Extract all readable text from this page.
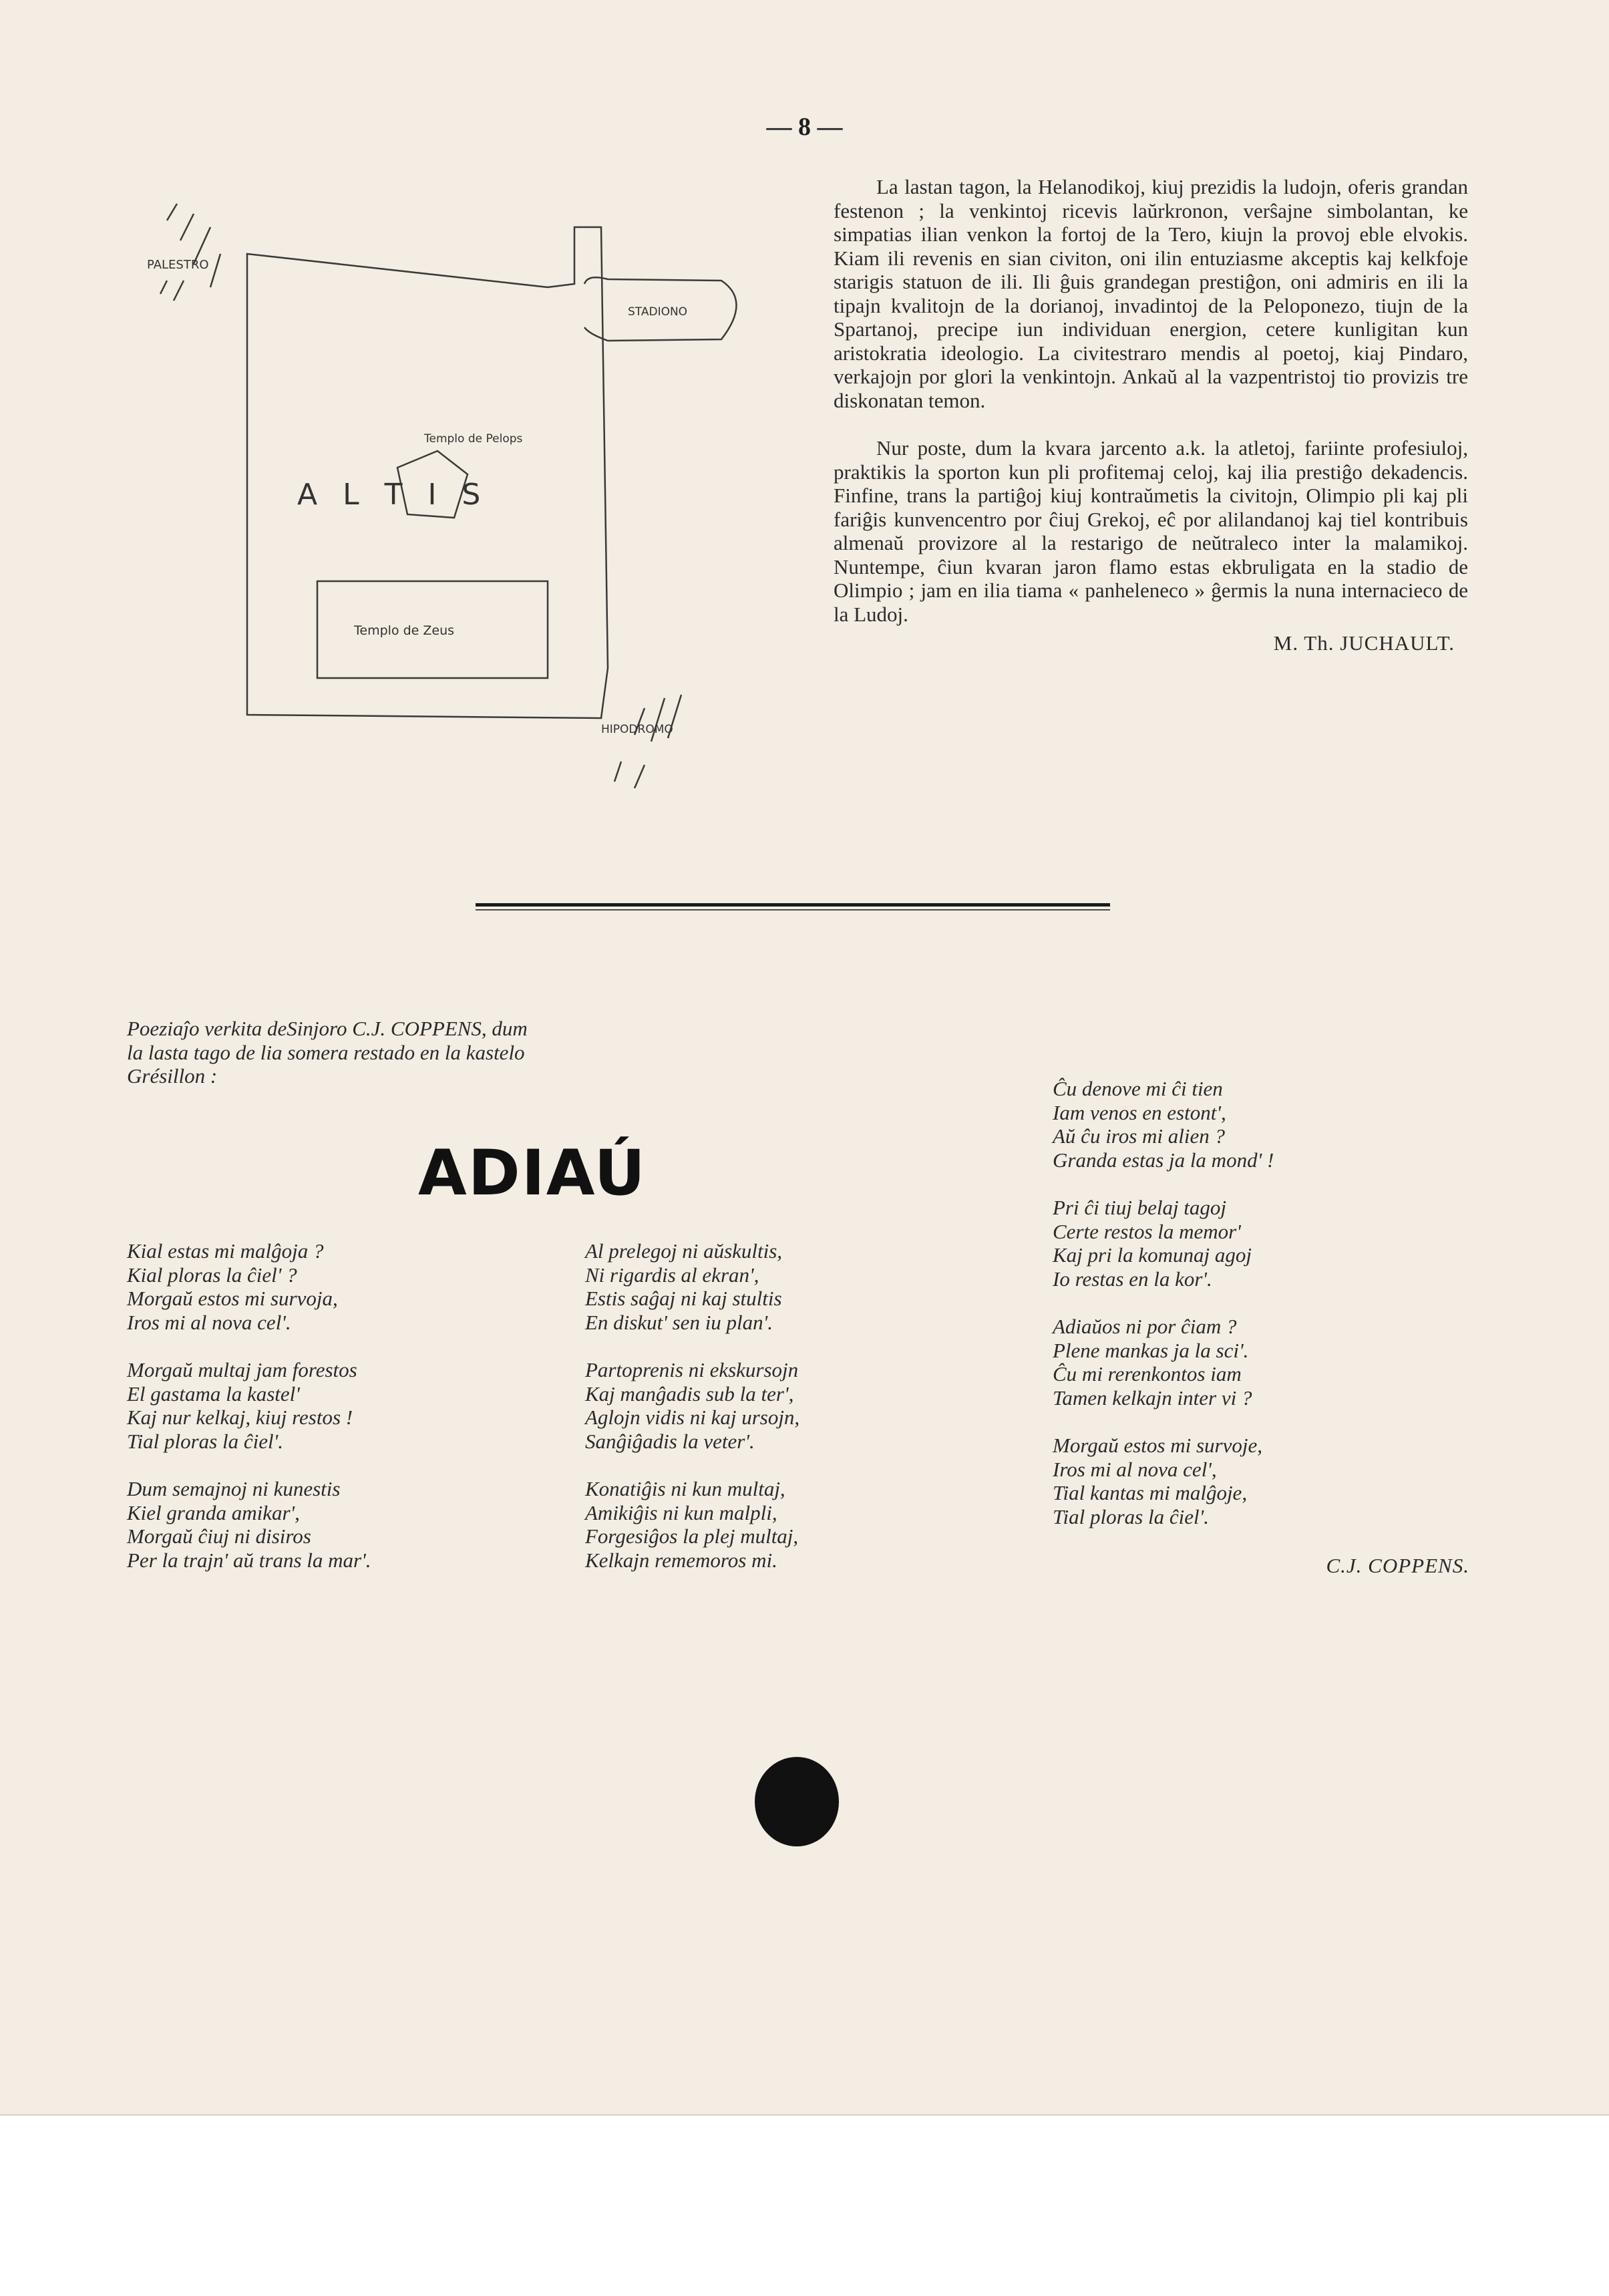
— 8 —
PALESTRO
STADIONO
Templo de Pelops
A L T I S
Templo de Zeus
HIPODROMO

La lastan tagon, la Helanodikoj, kiuj prezidis la ludojn, oferis grandan festenon ; la venkintoj ricevis laŭrkronon, verŝajne simbolantan, ke simpatias ilian venkon la fortoj de la Tero, kiujn la provoj eble elvokis. Kiam ili revenis en sian civiton, oni ilin entuziasme akceptis kaj kelkfoje starigis statuon de ili. Ili ĝuis grandegan prestiĝon, oni admiris en ili la tipajn kvalitojn de la dorianoj, invadintoj de la Peloponezo, tiujn de la Spartanoj, precipe iun individuan energion, cetere kunligitan kun aristokratia ideologio. La civitestraro mendis al poetoj, kiaj Pindaro, verkajojn por glori la venkintojn. Ankaŭ al la vazpentristoj tio provizis tre diskonatan temon.

Nur poste, dum la kvara jarcento a.k. la atletoj, fariinte profesiuloj, praktikis la sporton kun pli profitemaj celoj, kaj ilia prestiĝo dekadencis. Finfine, trans la partiĝoj kiuj kontraŭmetis la civitojn, Olimpio pli kaj pli fariĝis kunvencentro por ĉiuj Grekoj, eĉ por alilandanoj kaj tiel kontribuis almenaŭ provizore al la restarigo de neŭtraleco inter la malamikoj. Nuntempe, ĉiun kvaran jaron flamo estas ekbruligata en la stadio de Olimpio ; jam en ilia tiama « panheleneco » ĝermis la nuna internacieco de la Ludoj.

M. Th. JUCHAULT.

Poeziaĵo verkita deSinjoro C.J. COPPENS, dum

la lasta tago de lia somera restado en la kastelo

Grésillon :

ADIAÚ
Kial estas mi malĝoja ?
Kial ploras la ĉiel' ?
Morgaŭ estos mi survoja,
Iros mi al nova cel'.
Morgaŭ multaj jam forestos
El gastama la kastel'
Kaj nur kelkaj, kiuj restos !
Tial ploras la ĉiel'.
Dum semajnoj ni kunestis
Kiel granda amikar',
Morgaŭ ĉiuj ni disiros
Per la trajn' aŭ trans la mar'.
Al prelegoj ni aŭskultis,
Ni rigardis al ekran',
Estis saĝaj ni kaj stultis
En diskut' sen iu plan'.
Partoprenis ni ekskursojn
Kaj manĝadis sub la ter',
Aglojn vidis ni kaj ursojn,
Sanĝiĝadis la veter'.
Konatiĝis ni kun multaj,
Amikiĝis ni kun malpli,
Forgesiĝos la plej multaj,
Kelkajn rememoros mi.
Ĉu denove mi ĉi tien
Iam venos en estont',
Aŭ ĉu iros mi alien ?
Granda estas ja la mond' !
Pri ĉi tiuj belaj tagoj
Certe restos la memor'
Kaj pri la komunaj agoj
Io restas en la kor'.
Adiaŭos ni por ĉiam ?
Plene mankas ja la sci'.
Ĉu mi rerenkontos iam
Tamen kelkajn inter vi ?
Morgaŭ estos mi survoje,
Iros mi al nova cel',
Tial kantas mi malĝoje,
Tial ploras la ĉiel'.
C.J. COPPENS.
